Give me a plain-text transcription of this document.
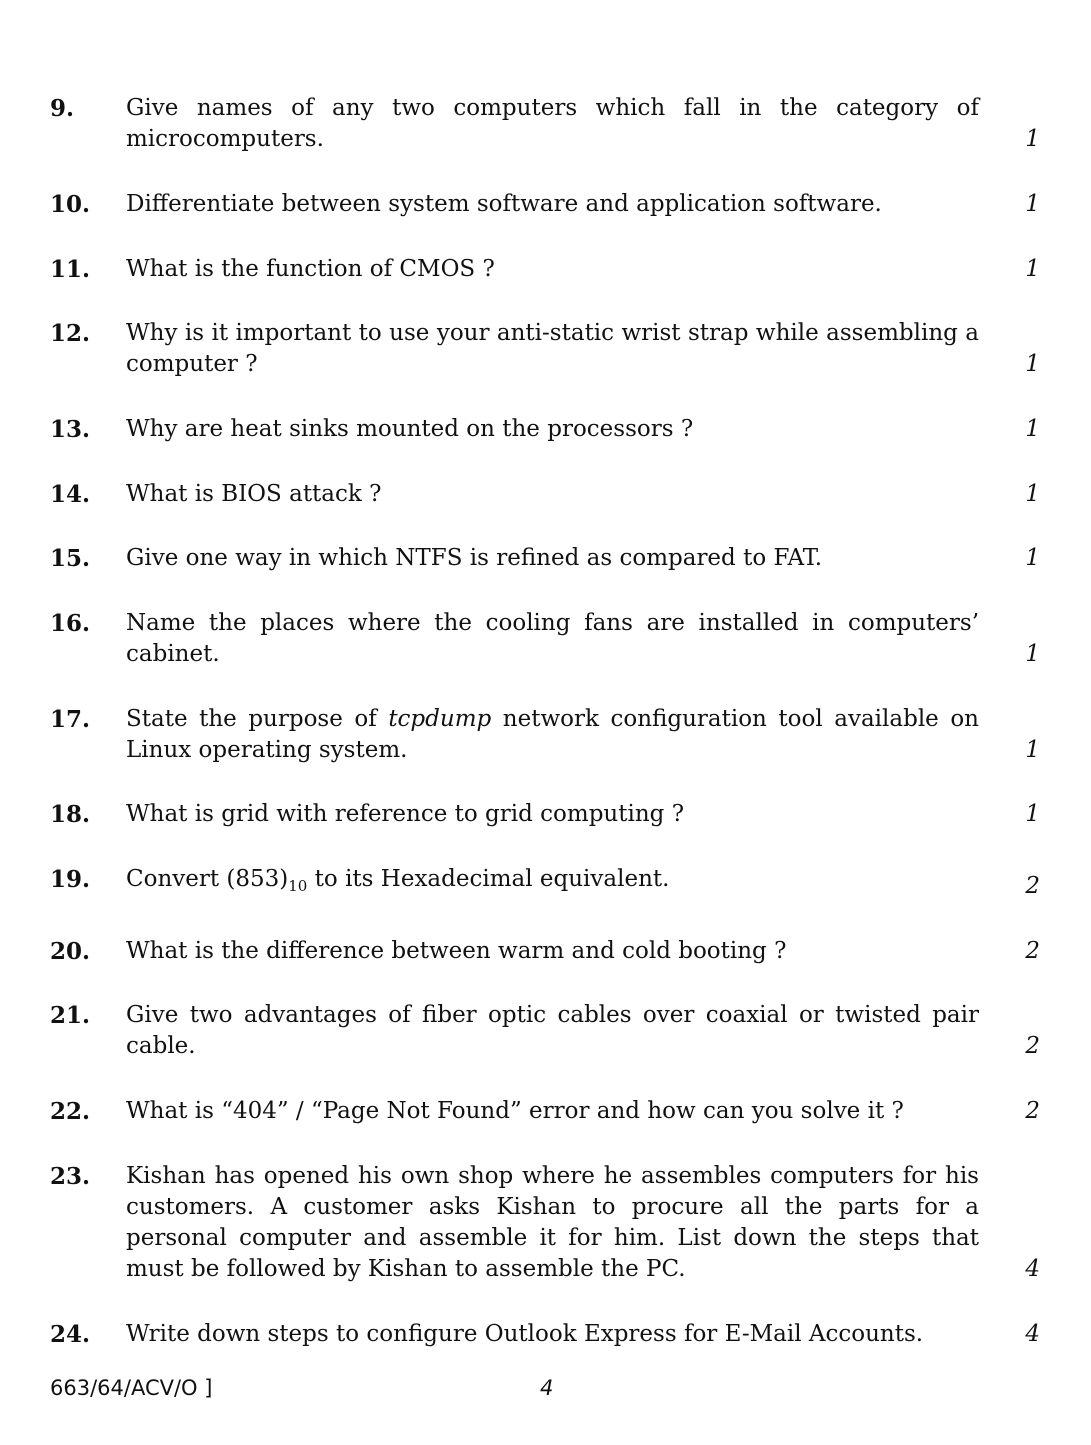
9.	Give names of any two computers which fall in the category of microcomputers.	1
10.	Differentiate between system software and application software.	1
11.	What is the function of CMOS ?	1
12.	Why is it important to use your anti-static wrist strap while assembling a computer ?	1
13.	Why are heat sinks mounted on the processors ?	1
14.	What is BIOS attack ?	1
15.	Give one way in which NTFS is refined as compared to FAT.	1
16.	Name the places where the cooling fans are installed in computers’ cabinet.	1
17.	State the purpose of tcpdump network configuration tool available on Linux operating system.	1
18.	What is grid with reference to grid computing ?	1
19.	Convert $(853)_{10}$ to its Hexadecimal equivalent.	2
20.	What is the difference between warm and cold booting ?	2
21.	Give two advantages of fiber optic cables over coaxial or twisted pair cable.	2
22.	What is “404” / “Page Not Found” error and how can you solve it ?	2
23.	Kishan has opened his own shop where he assembles computers for his customers. A customer asks Kishan to procure all the parts for a personal computer and assemble it for him. List down the steps that must be followed by Kishan to assemble the PC.	4
24.	Write down steps to configure Outlook Express for E-Mail Accounts.	4
663/64/ACV/O ]	4
